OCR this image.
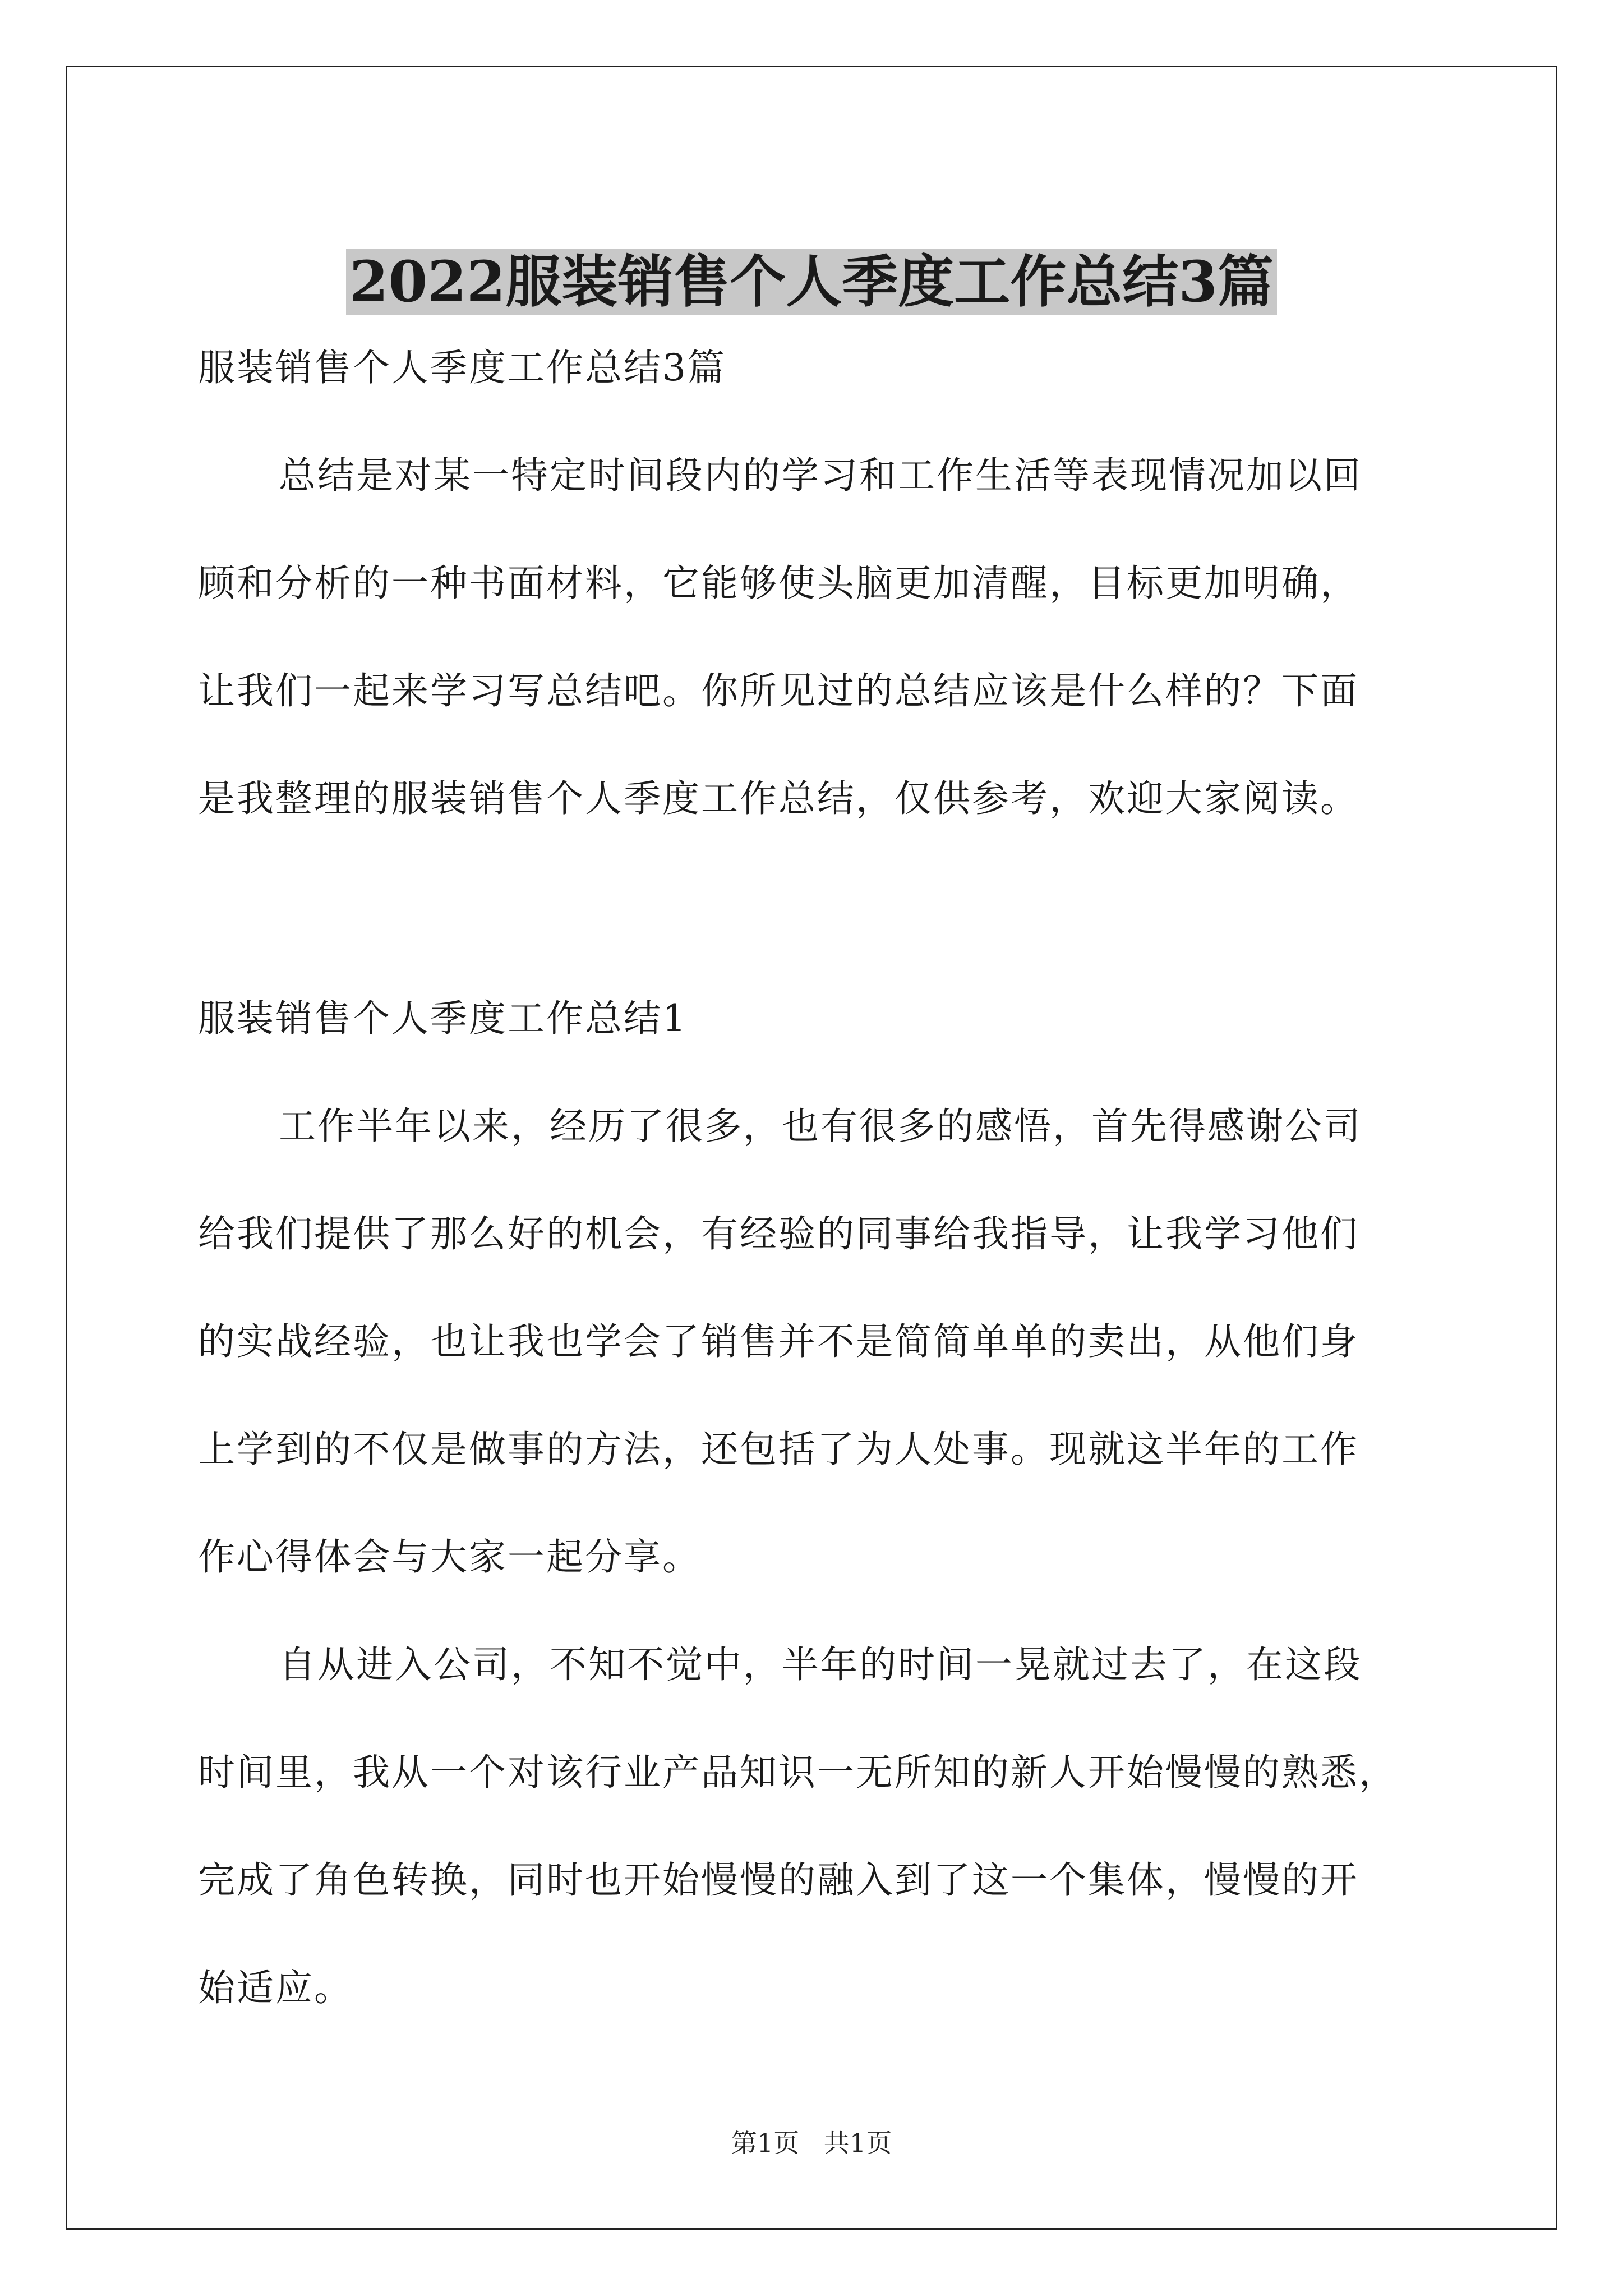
2022服装销售个人季度工作总结3篇

服装销售个人季度工作总结3篇

总结是对某一特定时间段内的学习和工作生活等表现情况加以回

顾和分析的一种书面材料，它能够使头脑更加清醒，目标更加明确，

让我们一起来学习写总结吧。你所见过的总结应该是什么样的？下面

是我整理的服装销售个人季度工作总结，仅供参考，欢迎大家阅读。

服装销售个人季度工作总结1

工作半年以来，经历了很多，也有很多的感悟，首先得感谢公司

给我们提供了那么好的机会，有经验的同事给我指导，让我学习他们

的实战经验，也让我也学会了销售并不是简简单单的卖出，从他们身

上学到的不仅是做事的方法，还包括了为人处事。现就这半年的工作

作心得体会与大家一起分享。

自从进入公司，不知不觉中，半年的时间一晃就过去了，在这段

时间里，我从一个对该行业产品知识一无所知的新人开始慢慢的熟悉，

完成了角色转换，同时也开始慢慢的融入到了这一个集体，慢慢的开

始适应。

第1页   共1页
